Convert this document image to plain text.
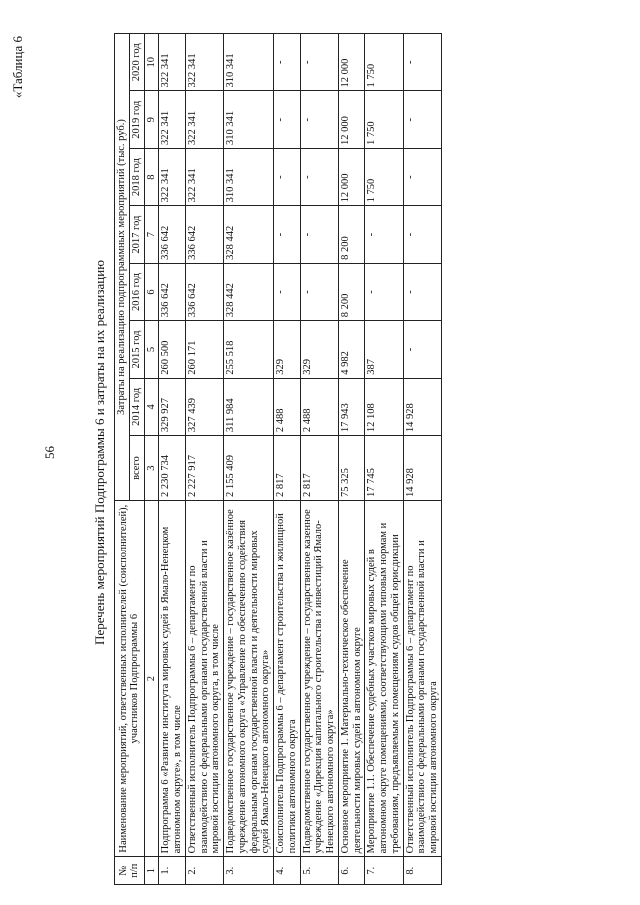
«Таблица 6
56	Перечень мероприятий Подпрограммы 6 и затраты на их реализацию
№ п/п	Наименование мероприятий, ответственных исполнителей (соисполнителей), участников Подпрограммы 6	Затраты на реализацию подпрограммных мероприятий (тыс. руб.)							
		всего	2014 год	2015 год	2016 год	2017 год	2018 год	2019 год	2020 год
1	2	3	4	5	6	7	8	9	10
1.	Подпрограмма 6 «Развитие института мировых судей в Ямало-Ненецком автономном округе», в том числе	2 230 734	329 927	260 500	336 642	336 642	322 341	322 341	322 341
2.	Ответственный исполнитель Подпрограммы 6 – департамент по взаимодействию с федеральными органами государственной власти и мировой юстиции автономного округа, в том числе	2 227 917	327 439	260 171	336 642	336 642	322 341	322 341	322 341
3.	Подведомственное государственное учреждение – государственное казённое учреждение автономного округа «Управление по обеспечению содействия федеральным органам государственной власти и деятельности мировых судей Ямало-Ненецкого автономного округа»	2 155 409	311 984	255 518	328 442	328 442	310 341	310 341	310 341
4.	Соисполнитель Подпрограммы 6 – департамент строительства и жилищной политики автономного округа	2 817	2 488	329	-	-	-	-	-
5.	Подведомственное государственное учреждение – государственное казенное учреждение «Дирекция капитального строительства и инвестиций Ямало-Ненецкого автономного округа»	2 817	2 488	329	-	-	-	-	-
6.	Основное мероприятие 1. Материально-техническое обеспечение деятельности мировых судей в автономном округе	75 325	17 943	4 982	8 200	8 200	12 000	12 000	12 000
7.	Мероприятие 1.1. Обеспечение судебных участков мировых судей в автономном округе помещениями, соответствующими типовым нормам и требованиям, предъявляемым к помещениям судов общей юрисдикции	17 745	12 108	387	-	-	1 750	1 750	1 750
8.	Ответственный исполнитель Подпрограммы 6 – департамент по взаимодействию с федеральными органами государственной власти и мировой юстиции автономного округа	14 928	14 928	-	-	-	-	-	-
